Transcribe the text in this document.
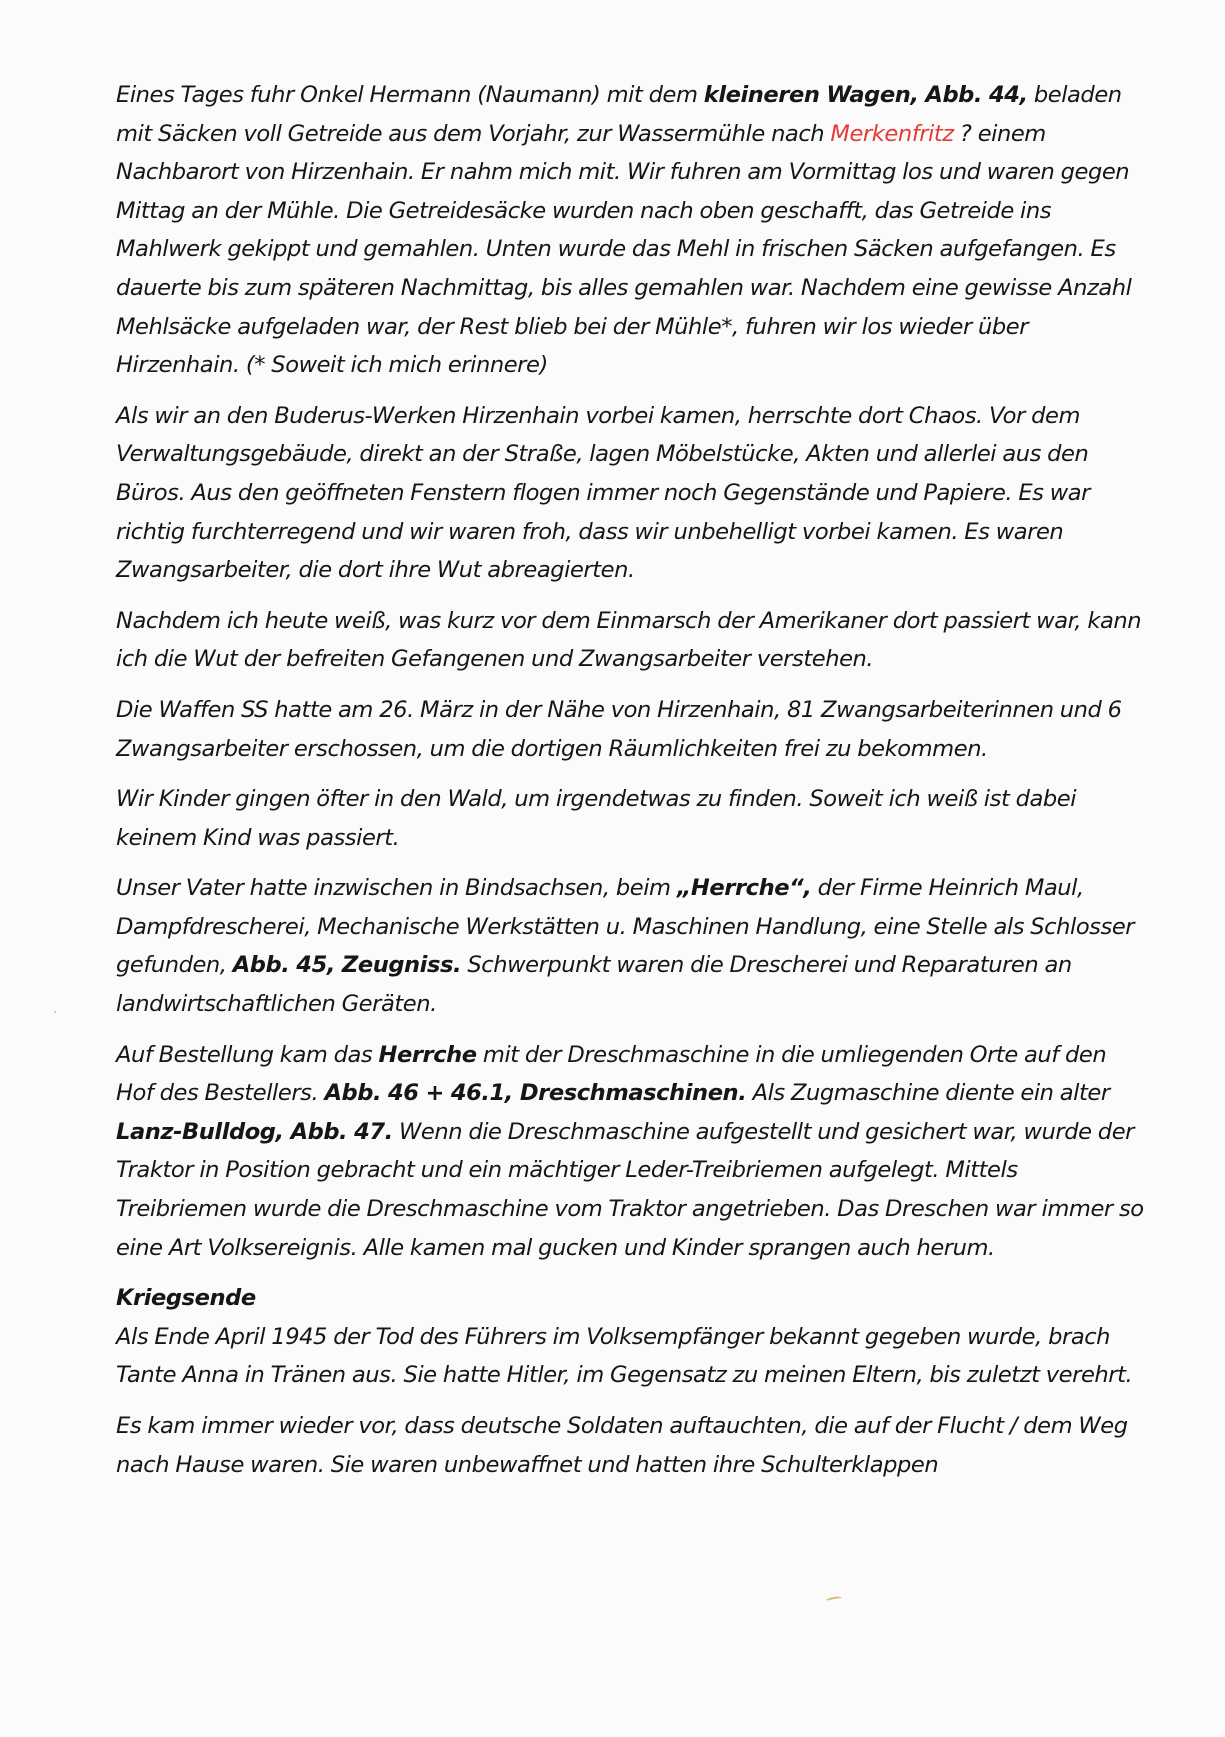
Eines Tages fuhr Onkel Hermann (Naumann) mit dem kleineren Wagen, Abb. 44, beladen mit Säcken voll Getreide aus dem Vorjahr, zur Wassermühle nach Merkenfritz ? einem Nachbarort von Hirzenhain. Er nahm mich mit. Wir fuhren am Vormittag los und waren gegen Mittag an der Mühle. Die Getreidesäcke wurden nach oben geschafft, das Getreide ins Mahlwerk gekippt und gemahlen. Unten wurde das Mehl in frischen Säcken aufgefangen. Es dauerte bis zum späteren Nachmittag, bis alles gemahlen war. Nachdem eine gewisse Anzahl Mehlsäcke aufgeladen war, der Rest blieb bei der Mühle*, fuhren wir los wieder über Hirzenhain. (* Soweit ich mich erinnere)
Als wir an den Buderus-Werken Hirzenhain vorbei kamen, herrschte dort Chaos. Vor dem Verwaltungsgebäude, direkt an der Straße, lagen Möbelstücke, Akten und allerlei aus den Büros. Aus den geöffneten Fenstern flogen immer noch Gegenstände und Papiere. Es war richtig furchterregend und wir waren froh, dass wir unbehelligt vorbei kamen. Es waren Zwangsarbeiter, die dort ihre Wut abreagierten.
Nachdem ich heute weiß, was kurz vor dem Einmarsch der Amerikaner dort passiert war, kann ich die Wut der befreiten Gefangenen und Zwangsarbeiter verstehen.
Die Waffen SS hatte am 26. März in der Nähe von Hirzenhain, 81 Zwangsarbeiterinnen und 6 Zwangsarbeiter erschossen, um die dortigen Räumlichkeiten frei zu bekommen.
Wir Kinder gingen öfter in den Wald, um irgendetwas zu finden. Soweit ich weiß ist dabei keinem Kind was passiert.
Unser Vater hatte inzwischen in Bindsachsen, beim „Herrche“, der Firme Heinrich Maul, Dampfdrescherei, Mechanische Werkstätten u. Maschinen Handlung, eine Stelle als Schlosser gefunden, Abb. 45, Zeugniss. Schwerpunkt waren die Drescherei und Reparaturen an landwirtschaftlichen Geräten.
Auf Bestellung kam das Herrche mit der Dreschmaschine in die umliegenden Orte auf den Hof des Bestellers. Abb. 46 + 46.1, Dreschmaschinen. Als Zugmaschine diente ein alter Lanz-Bulldog, Abb. 47. Wenn die Dreschmaschine aufgestellt und gesichert war, wurde der Traktor in Position gebracht und ein mächtiger Leder-Treibriemen aufgelegt. Mittels Treibriemen wurde die Dreschmaschine vom Traktor angetrieben. Das Dreschen war immer so eine Art Volksereignis. Alle kamen mal gucken und Kinder sprangen auch herum.
Kriegsende
Als Ende April 1945 der Tod des Führers im Volksempfänger bekannt gegeben wurde, brach Tante Anna in Tränen aus. Sie hatte Hitler, im Gegensatz zu meinen Eltern, bis zuletzt verehrt.
Es kam immer wieder vor, dass deutsche Soldaten auftauchten, die auf der Flucht / dem Weg nach Hause waren. Sie waren unbewaffnet und hatten ihre Schulterklappen
